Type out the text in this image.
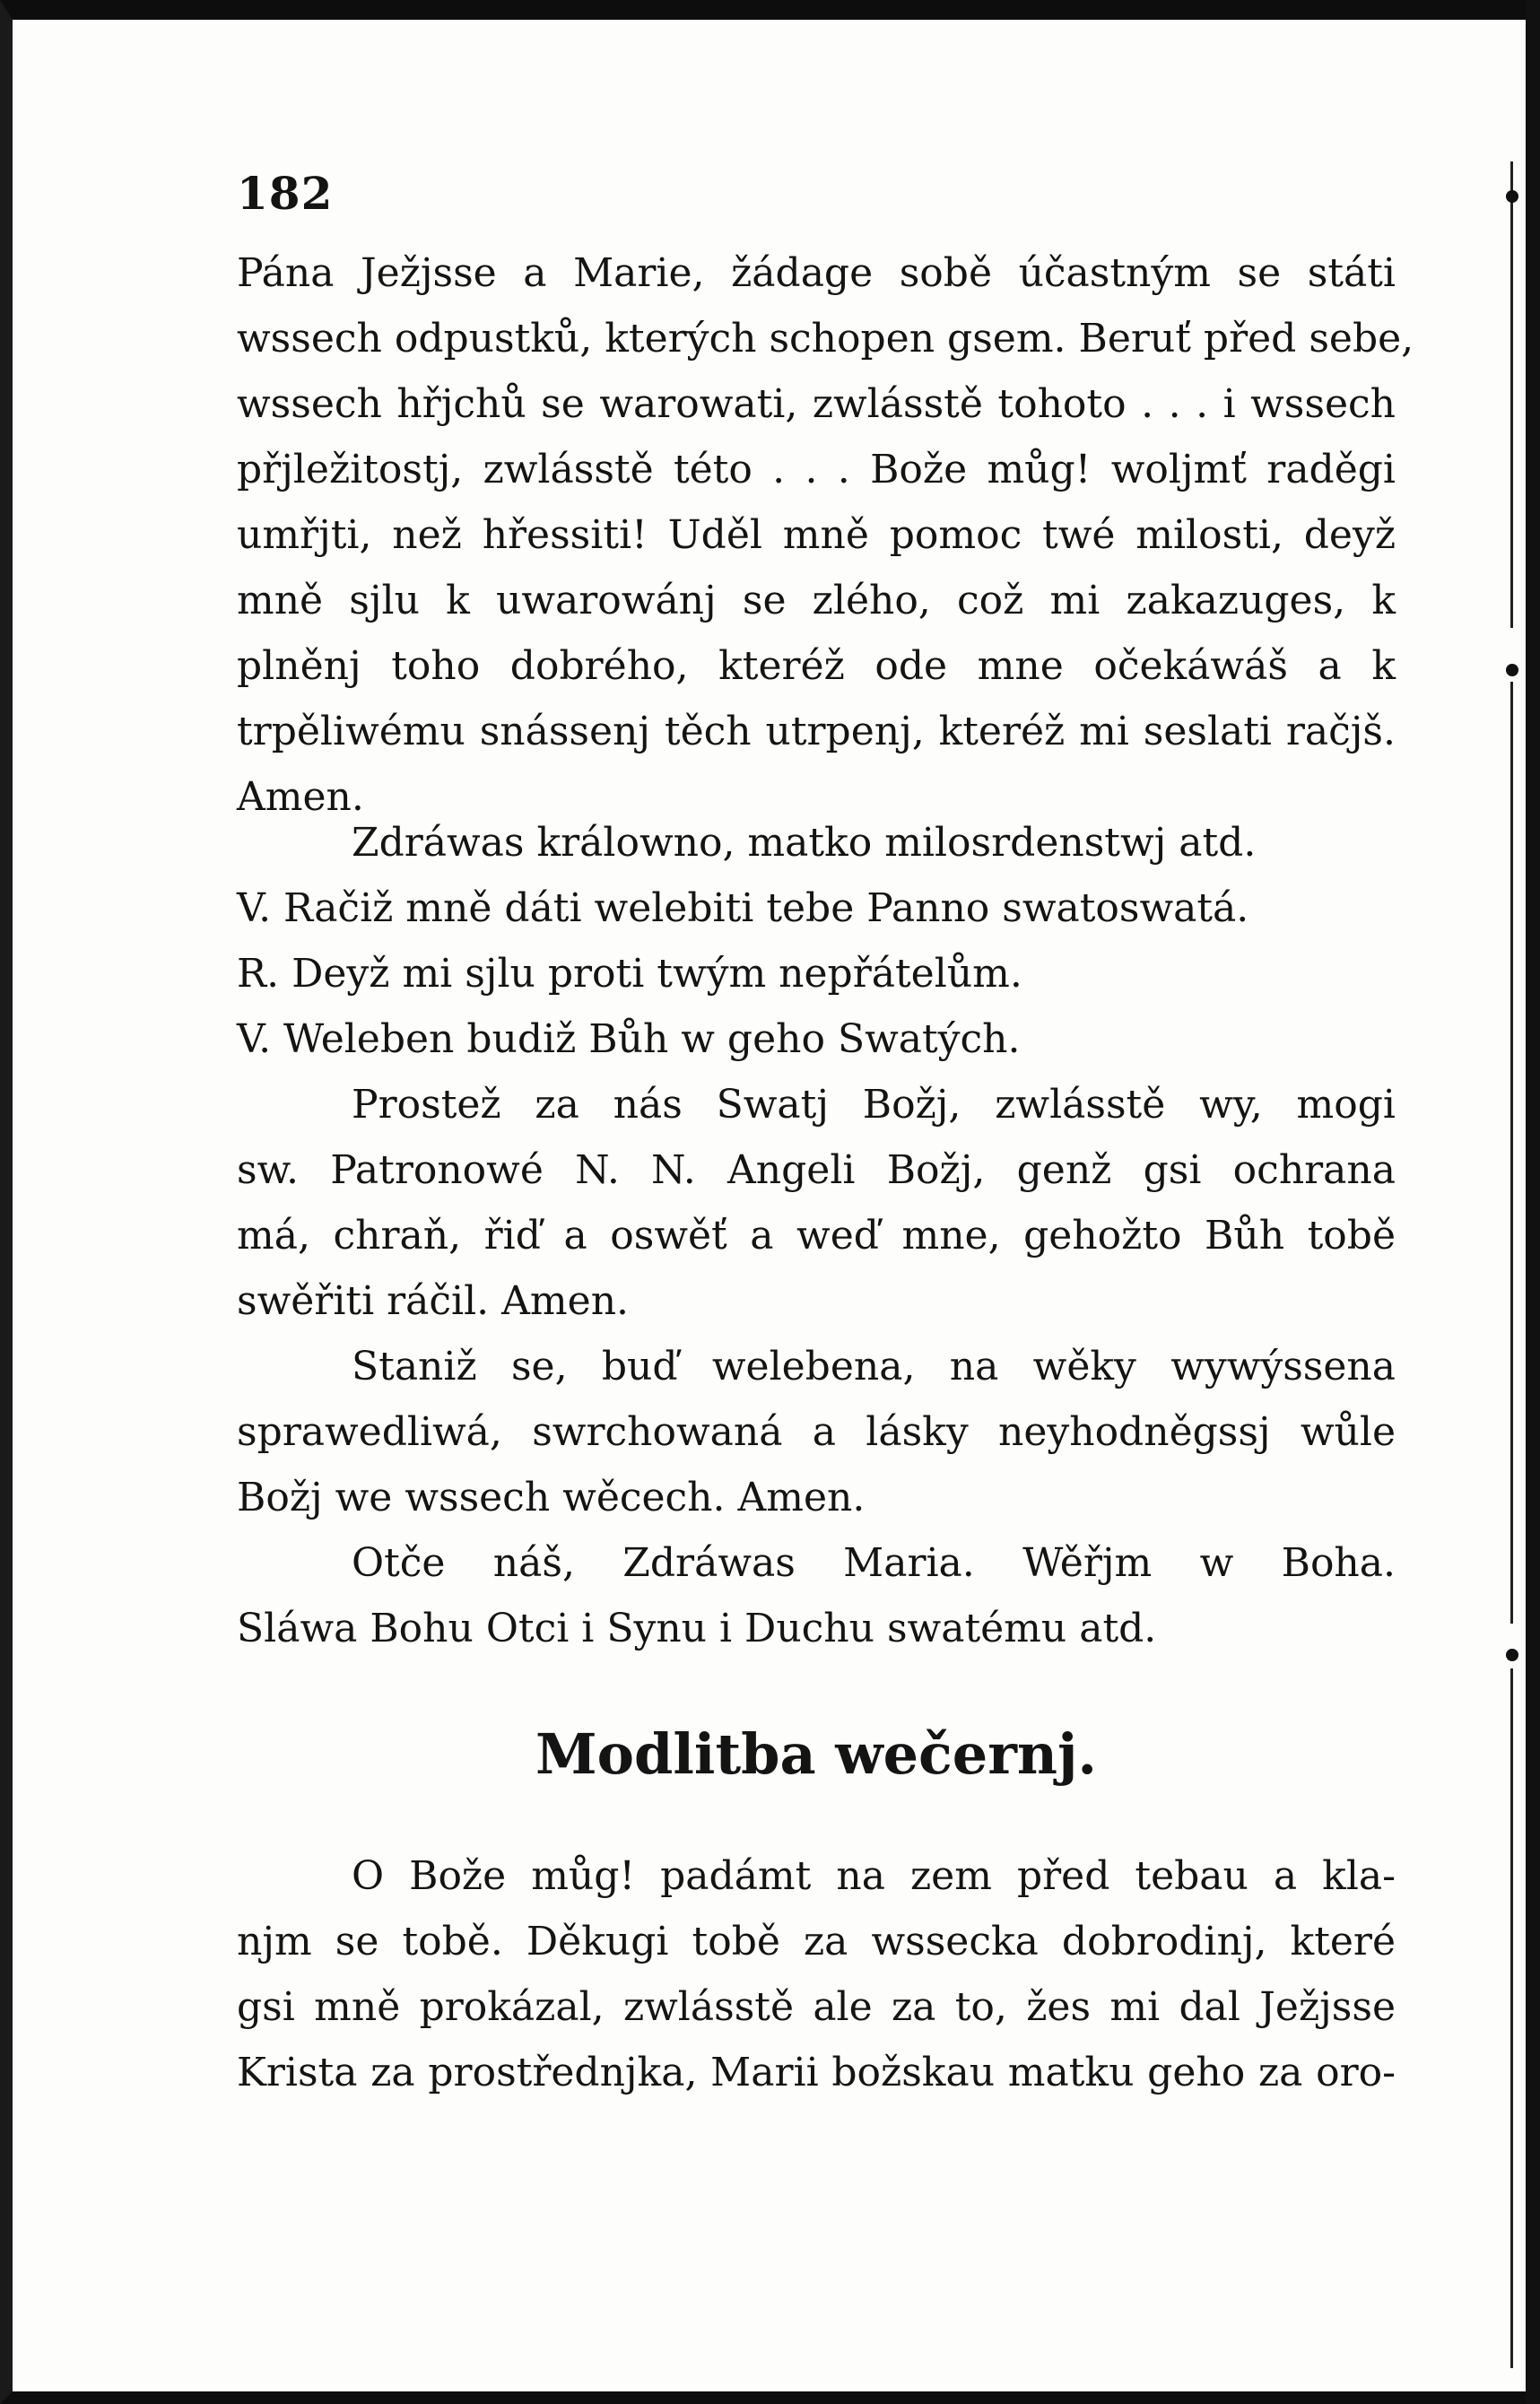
182
Pána Ježjsse a Marie, žádage sobě účastným se státi
wssech odpustků, kterých schopen gsem. Beruť před sebe,
wssech hřjchů se warowati, zwlásstě tohoto . . . i wssech
přjležitostj, zwlásstě této . . . Bože můg! woljmť raděgi
umřjti, než hřessiti! Uděl mně pomoc twé milosti, deyž
mně sjlu k uwarowánj se zlého, což mi zakazuges, k
plněnj toho dobrého, kteréž ode mne očekáwáš a k
trpěliwému snássenj těch utrpenj, kteréž mi seslati račjš.
Amen.
Zdráwas králowno, matko milosrdenstwj atd.
V. Račiž mně dáti welebiti tebe Panno swatoswatá.
R. Deyž mi sjlu proti twým nepřátelům.
V. Weleben budiž Bůh w geho Swatých.
Prostež za nás Swatj Božj, zwlásstě wy, mogi
sw. Patronowé N. N. Angeli Božj, genž gsi ochrana
má, chraň, řiď a oswěť a weď mne, gehožto Bůh tobě
swěřiti ráčil. Amen.
Staniž se, buď welebena, na wěky wywýssena
sprawedliwá, swrchowaná a lásky neyhodněgssj wůle
Božj we wssech wěcech. Amen.
Otče náš, Zdráwas Maria. Wěřjm w Boha.
Sláwa Bohu Otci i Synu i Duchu swatému atd.
Modlitba wečernj.
O Bože můg! padámt na zem před tebau a kla-
njm se tobě. Děkugi tobě za wssecka dobrodinj, které
gsi mně prokázal, zwlásstě ale za to, žes mi dal Ježjsse
Krista za prostřednjka, Marii božskau matku geho za oro-
